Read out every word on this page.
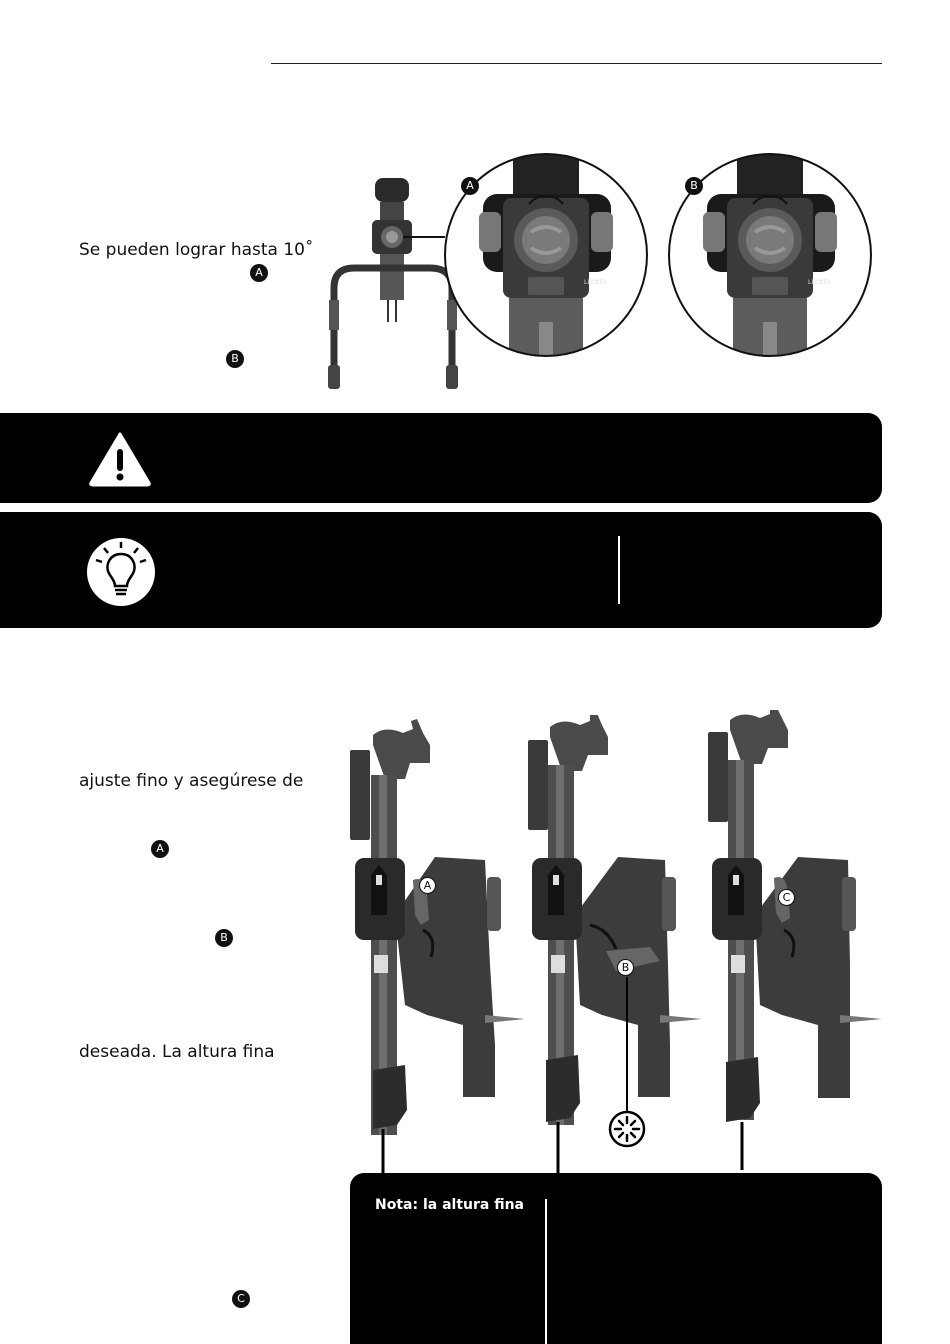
Se pueden lograr hasta 10˚
A
B
LECKEY
A
LECKEY
B
ajuste fino y asegúrese de
A
B
deseada. La altura fina
C
A
B
C
Nota: la altura fina
